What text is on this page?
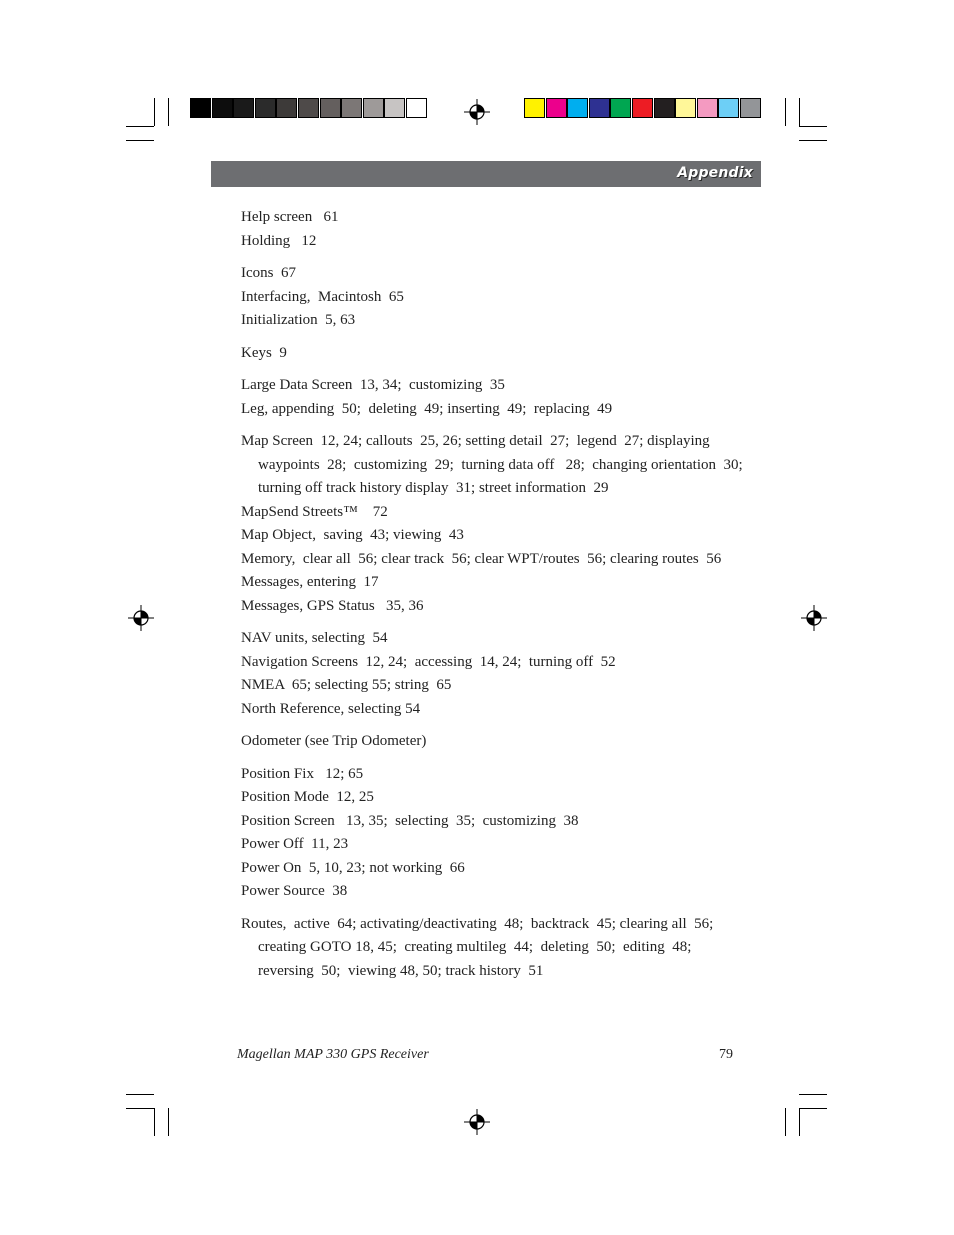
Appendix
Help screen   61
Holding   12
Icons  67
Interfacing,  Macintosh  65
Initialization  5, 63
Keys  9
Large Data Screen  13, 34;  customizing  35
Leg, appending  50;  deleting  49; inserting  49;  replacing  49
Map Screen  12, 24; callouts  25, 26; setting detail  27;  legend  27; displaying
waypoints  28;  customizing  29;  turning data off   28;  changing orientation  30;
turning off track history display  31; street information  29
MapSend Streets™    72
Map Object,  saving  43; viewing  43
Memory,  clear all  56; clear track  56; clear WPT/routes  56; clearing routes  56
Messages, entering  17
Messages, GPS Status   35, 36
NAV units, selecting  54
Navigation Screens  12, 24;  accessing  14, 24;  turning off  52
NMEA  65; selecting 55; string  65
North Reference, selecting 54
Odometer (see Trip Odometer)
Position Fix   12; 65
Position Mode  12, 25
Position Screen   13, 35;  selecting  35;  customizing  38
Power Off  11, 23
Power On  5, 10, 23; not working  66
Power Source  38
Routes,  active  64; activating/deactivating  48;  backtrack  45; clearing all  56;
creating GOTO 18, 45;  creating multileg  44;  deleting  50;  editing  48;
reversing  50;  viewing 48, 50; track history  51
Magellan MAP 330 GPS Receiver	79
